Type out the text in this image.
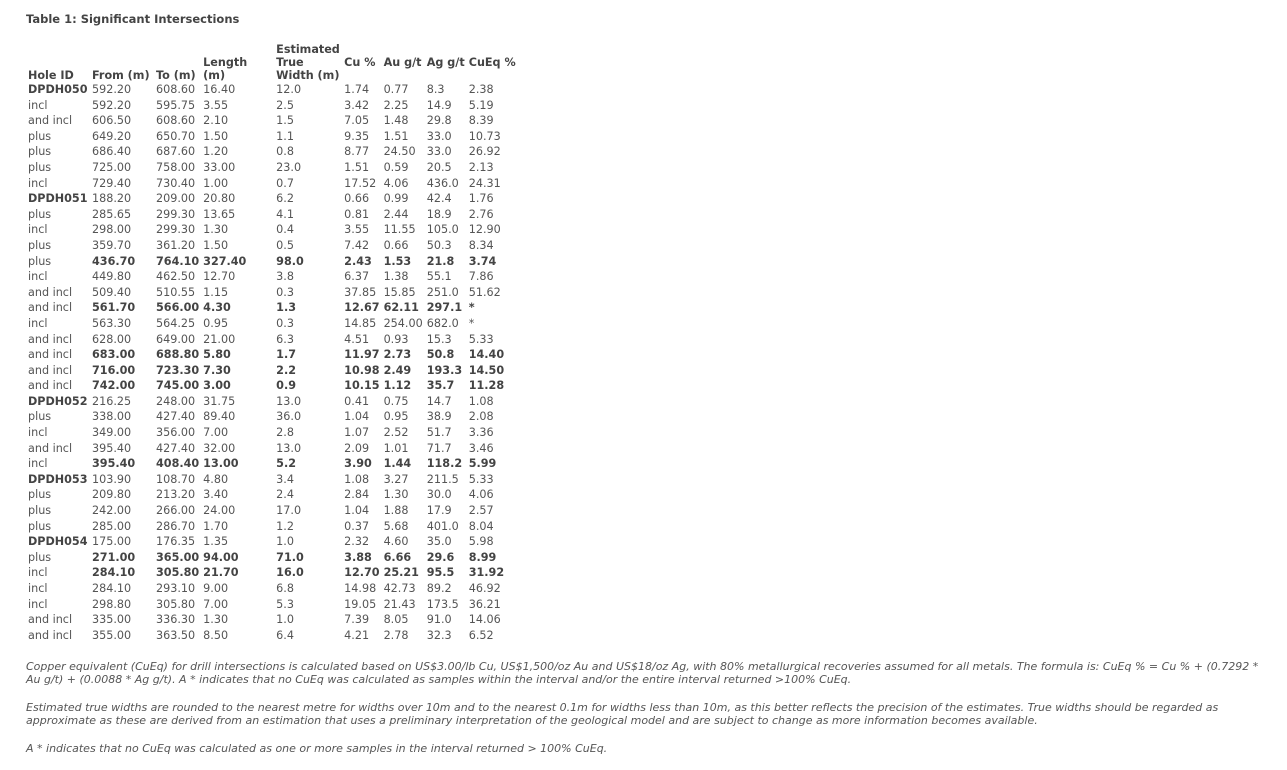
Table 1: Significant Intersections
Hole ID	From (m)	To (m)	Length (m)	Estimated
True
Width (m)	Cu %	Au g/t	Ag g/t	CuEq %
DPDH050	592.20	608.60	16.40	12.0	1.74	0.77	8.3	2.38
incl	592.20	595.75	3.55	2.5	3.42	2.25	14.9	5.19
and incl	606.50	608.60	2.10	1.5	7.05	1.48	29.8	8.39
plus	649.20	650.70	1.50	1.1	9.35	1.51	33.0	10.73
plus	686.40	687.60	1.20	0.8	8.77	24.50	33.0	26.92
plus	725.00	758.00	33.00	23.0	1.51	0.59	20.5	2.13
incl	729.40	730.40	1.00	0.7	17.52	4.06	436.0	24.31
DPDH051	188.20	209.00	20.80	6.2	0.66	0.99	42.4	1.76
plus	285.65	299.30	13.65	4.1	0.81	2.44	18.9	2.76
incl	298.00	299.30	1.30	0.4	3.55	11.55	105.0	12.90
plus	359.70	361.20	1.50	0.5	7.42	0.66	50.3	8.34
plus	436.70	764.10	327.40	98.0	2.43	1.53	21.8	3.74
incl	449.80	462.50	12.70	3.8	6.37	1.38	55.1	7.86
and incl	509.40	510.55	1.15	0.3	37.85	15.85	251.0	51.62
and incl	561.70	566.00	4.30	1.3	12.67	62.11	297.1	*
incl	563.30	564.25	0.95	0.3	14.85	254.00	682.0	*
and incl	628.00	649.00	21.00	6.3	4.51	0.93	15.3	5.33
and incl	683.00	688.80	5.80	1.7	11.97	2.73	50.8	14.40
and incl	716.00	723.30	7.30	2.2	10.98	2.49	193.3	14.50
and incl	742.00	745.00	3.00	0.9	10.15	1.12	35.7	11.28
DPDH052	216.25	248.00	31.75	13.0	0.41	0.75	14.7	1.08
plus	338.00	427.40	89.40	36.0	1.04	0.95	38.9	2.08
incl	349.00	356.00	7.00	2.8	1.07	2.52	51.7	3.36
and incl	395.40	427.40	32.00	13.0	2.09	1.01	71.7	3.46
incl	395.40	408.40	13.00	5.2	3.90	1.44	118.2	5.99
DPDH053	103.90	108.70	4.80	3.4	1.08	3.27	211.5	5.33
plus	209.80	213.20	3.40	2.4	2.84	1.30	30.0	4.06
plus	242.00	266.00	24.00	17.0	1.04	1.88	17.9	2.57
plus	285.00	286.70	1.70	1.2	0.37	5.68	401.0	8.04
DPDH054	175.00	176.35	1.35	1.0	2.32	4.60	35.0	5.98
plus	271.00	365.00	94.00	71.0	3.88	6.66	29.6	8.99
incl	284.10	305.80	21.70	16.0	12.70	25.21	95.5	31.92
incl	284.10	293.10	9.00	6.8	14.98	42.73	89.2	46.92
incl	298.80	305.80	7.00	5.3	19.05	21.43	173.5	36.21
and incl	335.00	336.30	1.30	1.0	7.39	8.05	91.0	14.06
and incl	355.00	363.50	8.50	6.4	4.21	2.78	32.3	6.52

Copper equivalent (CuEq) for drill intersections is calculated based on US$3.00/lb Cu, US$1,500/oz Au and US$18/oz Ag, with 80% metallurgical recoveries assumed for all metals. The formula is: CuEq % = Cu % + (0.7292 * Au g/t) + (0.0088 * Ag g/t). A * indicates that no CuEq was calculated as samples within the interval and/or the entire interval returned >100% CuEq.

Estimated true widths are rounded to the nearest metre for widths over 10m and to the nearest 0.1m for widths less than 10m, as this better reflects the precision of the estimates. True widths should be regarded as approximate as these are derived from an estimation that uses a preliminary interpretation of the geological model and are subject to change as more information becomes available.

A * indicates that no CuEq was calculated as one or more samples in the interval returned > 100% CuEq.
